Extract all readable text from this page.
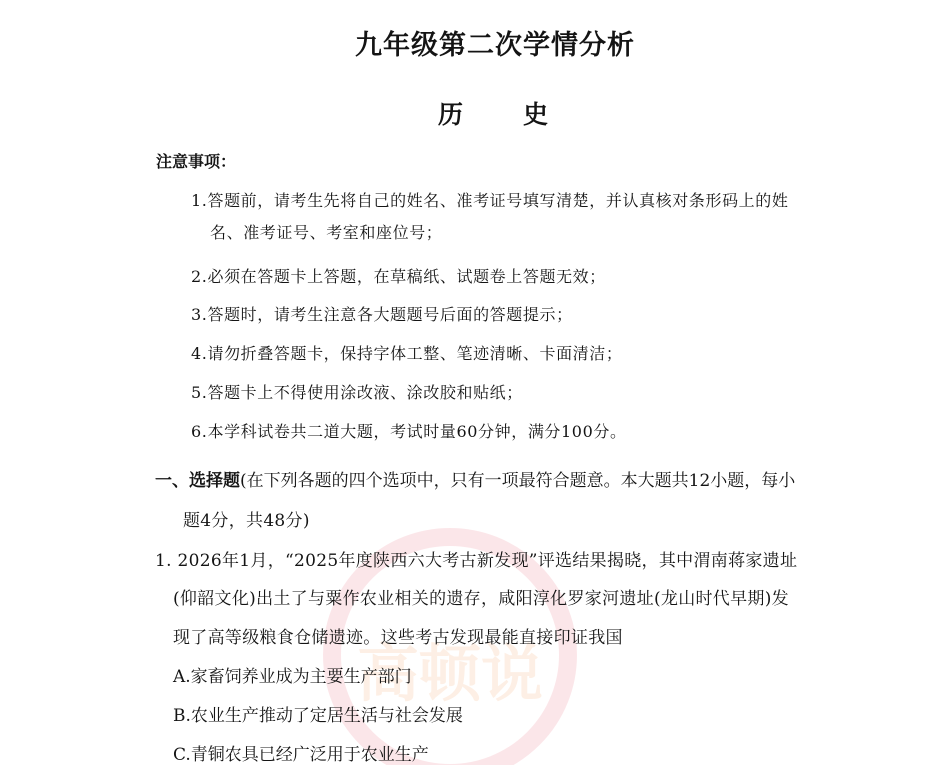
高顿说
九年级第二次学情分析
历 史
注意事项：
1.答题前，请考生先将自己的姓名、准考证号填写清楚，并认真核对条形码上的姓
名、准考证号、考室和座位号；
2.必须在答题卡上答题，在草稿纸、试题卷上答题无效；
3.答题时，请考生注意各大题题号后面的答题提示；
4.请勿折叠答题卡，保持字体工整、笔迹清晰、卡面清洁；
5.答题卡上不得使用涂改液、涂改胶和贴纸；
6.本学科试卷共二道大题，考试时量60分钟，满分100分。
一、选择题(在下列各题的四个选项中，只有一项最符合题意。本大题共12小题，每小
题4分，共48分)
1. 2026年1月，“2025年度陕西六大考古新发现”评选结果揭晓，其中渭南蒋家遗址
(仰韶文化)出土了与粟作农业相关的遗存，咸阳淳化罗家河遗址(龙山时代早期)发
现了高等级粮食仓储遗迹。这些考古发现最能直接印证我国
A.家畜饲养业成为主要生产部门
B.农业生产推动了定居生活与社会发展
C.青铜农具已经广泛用于农业生产
